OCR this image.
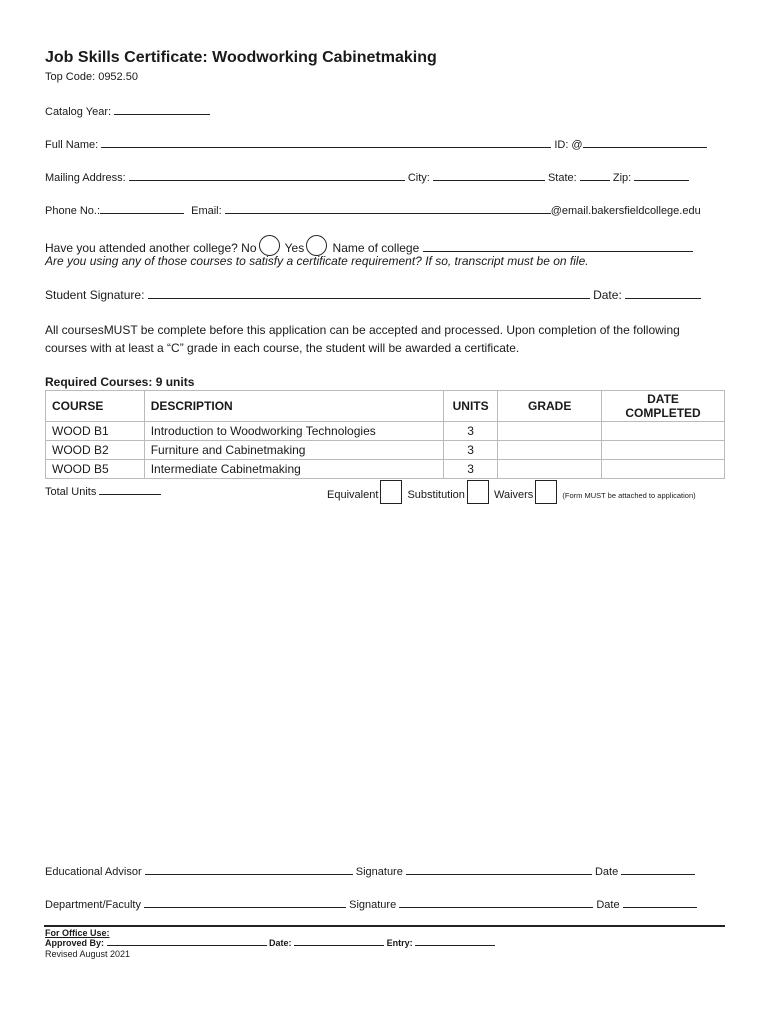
Job Skills Certificate: Woodworking Cabinetmaking
Top Code: 0952.50
Catalog Year:
Full Name:	ID: @
Mailing Address:	City:	State:	Zip:
Phone No.:	Email:	@email.bakersfieldcollege.edu
Have you attended another college? No Yes Name of college
Are you using any of those courses to satisfy a certificate requirement? If so, transcript must be on file.
Student Signature:	Date:
All coursesMUST be complete before this application can be accepted and processed. Upon completion of the following
courses with at least a “C” grade in each course, the student will be awarded a certificate.
Required Courses: 9 units
COURSE	DESCRIPTION	UNITS	GRADE	DATE COMPLETED
WOOD B1	Introduction to Woodworking Technologies	3		
WOOD B2	Furniture and Cabinetmaking	3		
WOOD B5	Intermediate Cabinetmaking	3		
Total Units	Equivalent	Substitution	Waivers	(Form MUST be attached to application)
Educational Advisor	Signature	Date
Department/Faculty	Signature	Date
For Office Use:
Approved By:	Date:	Entry:
Revised August 2021
